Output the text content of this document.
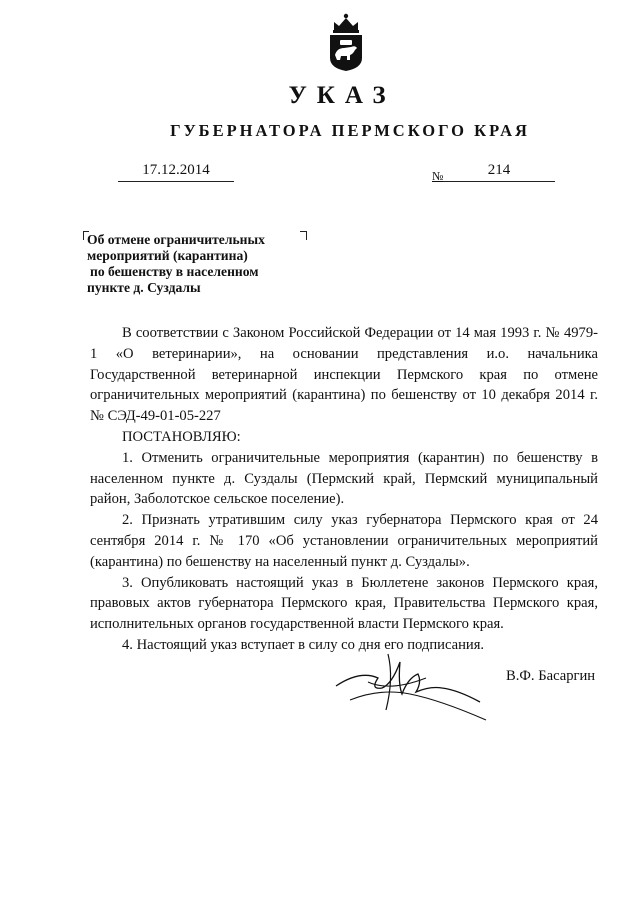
УКАЗ
ГУБЕРНАТОРА ПЕРМСКОГО КРАЯ
17.12.2014	№	214
Об отмене ограничительных
мероприятий (карантина)
по бешенству в населенном
пункте д. Суздалы

В соответствии с Законом Российской Федерации от 14 мая 1993 г. № 4979-1 «О ветеринарии», на основании представления и.о. начальника Государственной ветеринарной инспекции Пермского края по отмене ограничительных мероприятий (карантина) по бешенству от 10 декабря 2014 г. № СЭД-49-01-05-227

ПОСТАНОВЛЯЮ:

1. Отменить ограничительные мероприятия (карантин) по бешенству в населенном пункте д. Суздалы (Пермский край, Пермский муниципальный район, Заболотское сельское поселение).

2. Признать утратившим силу указ губернатора Пермского края от 24 сентября 2014 г. № 170 «Об установлении ограничительных мероприятий (карантина) по бешенству на населенный пункт д. Суздалы».

3. Опубликовать настоящий указ в Бюллетене законов Пермского края, правовых актов губернатора Пермского края, Правительства Пермского края, исполнительных органов государственной власти Пермского края.

4. Настоящий указ вступает в силу со дня его подписания.

В.Ф. Басаргин
